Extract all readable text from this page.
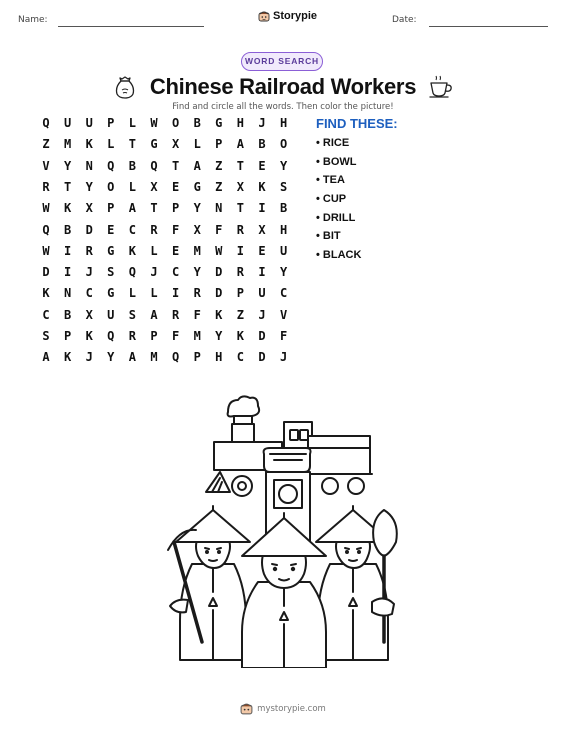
Name:	Storypie	Date:
WORD SEARCH
Chinese Railroad Workers
Find and circle all the words. Then color the picture!
Q	U	U	P	L	W	O	B	G	H	J	H
Z	M	K	L	T	G	X	L	P	A	B	O
V	Y	N	Q	B	Q	T	A	Z	T	E	Y
R	T	Y	O	L	X	E	G	Z	X	K	S
W	K	X	P	A	T	P	Y	N	T	I	B
Q	B	D	E	C	R	F	X	F	R	X	H
W	I	R	G	K	L	E	M	W	I	E	U
D	I	J	S	Q	J	C	Y	D	R	I	Y
K	N	C	G	L	L	I	R	D	P	U	C
C	B	X	U	S	A	R	F	K	Z	J	V
S	P	K	Q	R	P	F	M	Y	K	D	F
A	K	J	Y	A	M	Q	P	H	C	D	J
FIND THESE:
• RICE
• BOWL
• TEA
• CUP
• DRILL
• BIT
• BLACK
mystorypie.com
